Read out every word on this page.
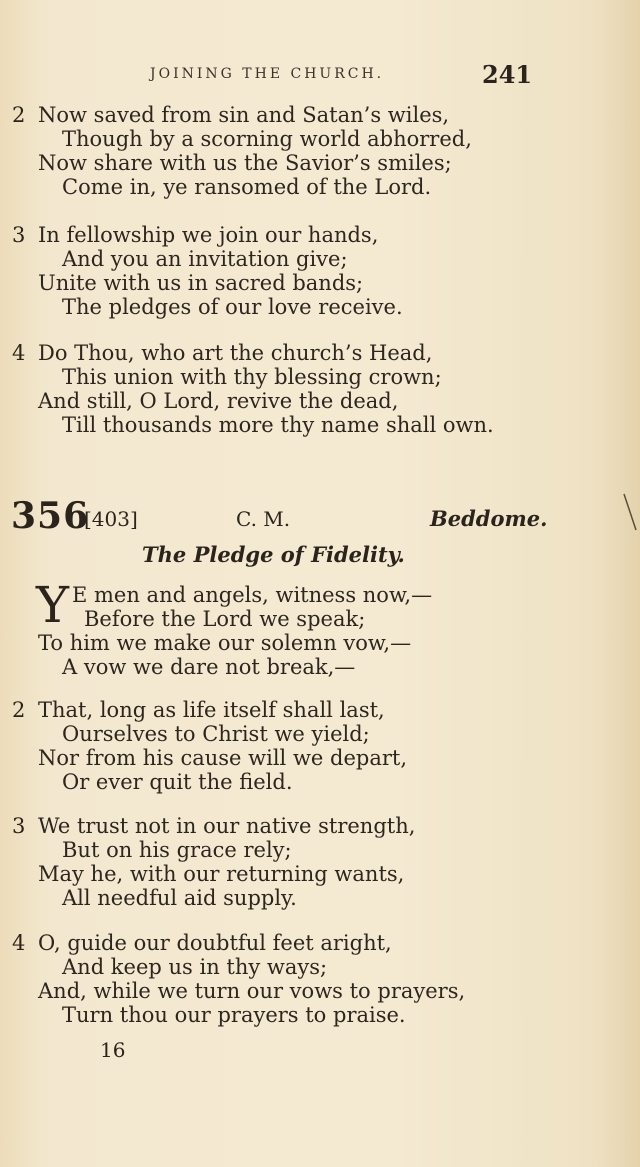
JOINING THE CHURCH.	241
2 Now saved from sin and Satan’s wiles,
Though by a scorning world abhorred,
Now share with us the Savior’s smiles;
Come in, ye ransomed of the Lord.
3 In fellowship we join our hands,
And you an invitation give;
Unite with us in sacred bands;
The pledges of our love receive.
4 Do Thou, who art the church’s Head,
This union with thy blessing crown;
And still, O Lord, revive the dead,
Till thousands more thy name shall own.
356
[403]	C. M.	Beddome.
The Pledge of Fidelity.
Y E men and angels, witness now,—
Before the Lord we speak;
To him we make our solemn vow,—
A vow we dare not break,—
2 That, long as life itself shall last,
Ourselves to Christ we yield;
Nor from his cause will we depart,
Or ever quit the field.
3 We trust not in our native strength,
But on his grace rely;
May he, with our returning wants,
All needful aid supply.
4 O, guide our doubtful feet aright,
And keep us in thy ways;
And, while we turn our vows to prayers,
Turn thou our prayers to praise.
16
